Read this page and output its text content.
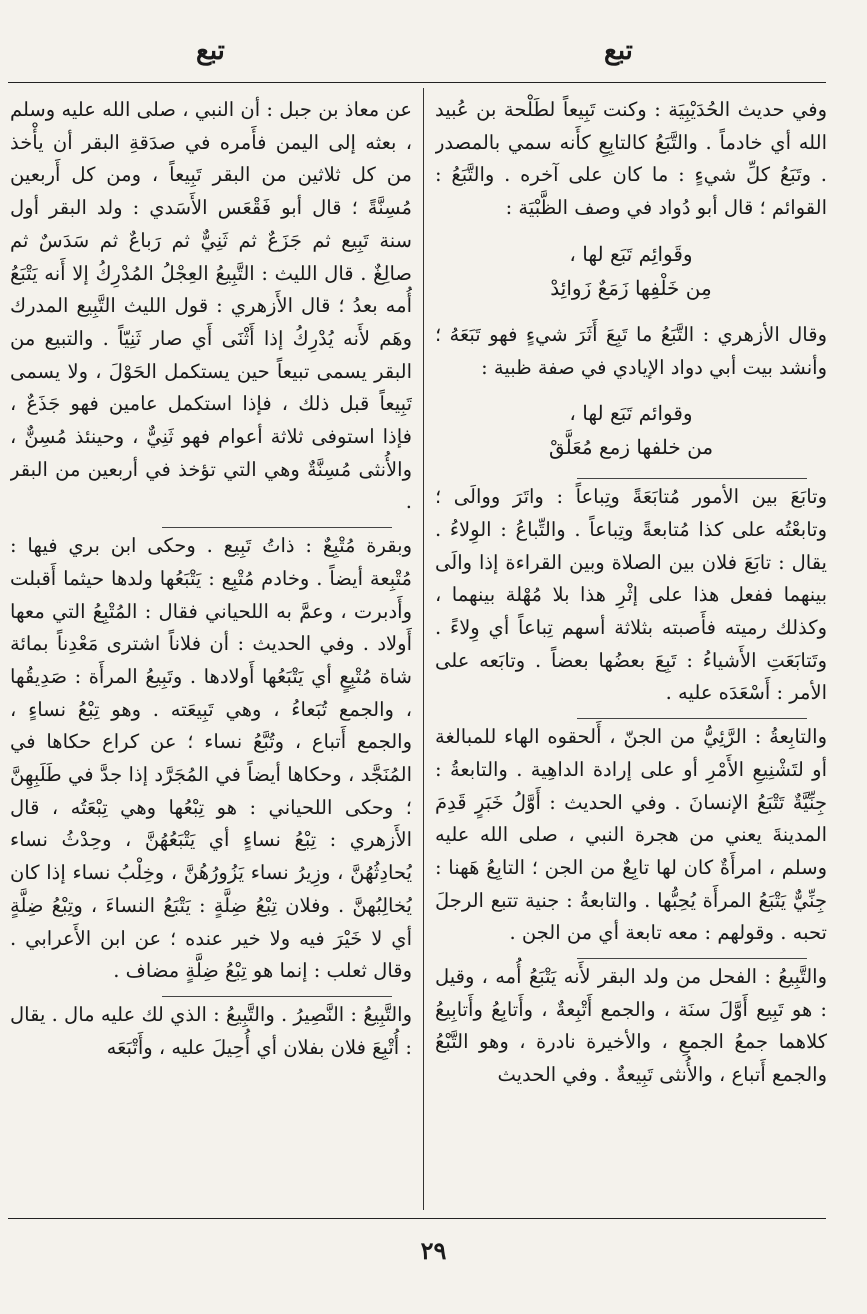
تبع
تبع

وفي حديث الحُدَيْبِيَة : وكنت تَبِيعاً لطَلْحة بن عُبيد الله أي خادماً . والتَّبَعُ كالتابِعِ كأَنه سمي بالمصدر . وتَبَعُ كلِّ شيءٍ : ما كان على آخره . والتَّبَعُ : القوائم ؛ قال أبو دُواد في وصف الظَّبْيَة :

وقَوائِم تَبَع لها ،
مِن خَلْفِها زَمَعٌ زَوائِدْ

وقال الأزهري : التَّبَعُ ما تَبِعَ أَثَرَ شيءٍ فهو تَبَعَهُ ؛ وأنشد بيت أبي دواد الإيادي في صفة ظبية :

وقوائم تَبَع لها ،
من خلفها زمع مُعَلَّقْ

وتابَعَ بين الأمور مُتابَعَةً وتِباعاً : واتَرَ ووالَى ؛ وتابعْتُه على كذا مُتابعةً وتِباعاً . والتِّباعُ : الوِلاءُ . يقال : تابَعَ فلان بين الصلاة وبين القراءة إذا والَى بينهما ففعل هذا على إثْرِ هذا بلا مُهْلة بينهما ، وكذلك رميته فأَصبته بثلاثة أسهم تِباعاً أي وِلاءً . وتَتابَعَتِ الأَشياءُ : تَبِعَ بعضُها بعضاً . وتابَعه على الأمر : أَسْعَدَه عليه .

والتابِعةُ : الرَّئِيُّ من الجنّ ، أَلحقوه الهاء للمبالغة أو لتَشْنِيعِ الأَمْرِ أو على إرادة الداهِية . والتابعةُ : جِنِّيَّةٌ تَتْبَعُ الإنسانَ . وفي الحديث : أَوَّلُ خَبَرٍ قَدِمَ المدينةَ يعني من هجرة النبي ، صلى الله عليه وسلم ، امرأَةٌ كان لها تابِعٌ من الجن ؛ التابِعُ هَهنا : جِنِّيٌّ يَتْبَعُ المرأَة يُحِبُّها . والتابعةُ : جنية تتبع الرجلَ تحبه . وقولهم : معه تابعة أي من الجن .

والتَّبِيعُ : الفحل من ولد البقر لأَنه يَتْبَعُ أُمه ، وقيل : هو تَبِيع أَوَّلَ سنَة ، والجمع أَتْبِعةٌ ، وأَتابِعُ وأَتابِيعُ كلاهما جمعُ الجمعِ ، والأخيرة نادرة ، وهو التَّبْعُ والجمع أَتباع ، والأُنثى تَبِيعةٌ . وفي الحديث

عن معاذ بن جبل : أن النبي ، صلى الله عليه وسلم ، بعثه إلى اليمن فأَمره في صدَقةِ البقر أن يأْخذ من كل ثلاثين من البقر تَبِيعاً ، ومن كل أَربعين مُسِنَّةً ؛ قال أبو فَقْعَس الأَسَدي : ولد البقر أول سنة تَبِيع ثم جَزَعٌ ثم ثَنِيٌّ ثم رَباعٌ ثم سَدَسٌ ثم صالِغٌ . قال الليث : التَّبِيعُ العِجْلُ المُدْرِكُ إلا أَنه يَتْبَعُ أُمه بعدُ ؛ قال الأَزهري : قول الليث التَّبِيع المدرك وهَم لأَنه يُدْرِكُ إذا أَثْنَى أَي صار ثَنِيّاً . والتبيع من البقر يسمى تبيعاً حين يستكمل الحَوْلَ ، ولا يسمى تَبِيعاً قبل ذلك ، فإذا استكمل عامين فهو جَذَعٌ ، فإذا استوفى ثلاثة أعوام فهو ثَنِيٌّ ، وحينئذ مُسِنٌّ ، والأُنثى مُسِنَّةٌ وهي التي تؤخذ في أربعين من البقر .

وبقرة مُتْبِعٌ : ذاتُ تَبِيع . وحكى ابن بري فيها : مُتْبِعة أيضاً . وخادم مُتْبِع : يَتْبَعُها ولدها حيثما أَقبلت وأَدبرت ، وعمَّ به اللحياني فقال : المُتْبِعُ التي معها أَولاد . وفي الحديث : أن فلاناً اشترى مَعْدِناً بمائة شاة مُتْبِعٍ أي يَتْبَعُها أَولادها . وتَبِيعُ المرأَة : صَدِيقُها ، والجمع تُبَعاءُ ، وهي تَبِيعَته . وهو تِبْعُ نساءٍ ، والجمع أَتباع ، وتُبَّعُ نساء ؛ عن كراع حكاها في المُنَجَّد ، وحكاها أيضاً في المُجَرَّد إذا جدَّ في طَلَبِهِنَّ ؛ وحكى اللحياني : هو تِبْعُها وهي تِبْعَتُه ، قال الأَزهري : تِبْعُ نساءٍ أي يَتْبَعُهُنَّ ، وحِدْثُ نساء يُحادِثُهُنَّ ، وزِيرُ نساء يَزُورُهُنَّ ، وخِلْبُ نساء إذا كان يُخالِبُهنَّ . وفلان تِبْعُ ضِلَّةٍ : يَتْبَعُ النساءَ ، وتِبْعُ ضِلَّةٍ أي لا خَيْرَ فيه ولا خير عنده ؛ عن ابن الأَعرابي . وقال ثعلب : إنما هو تِبْعُ ضِلَّةٍ مضاف .

والتَّبِيعُ : النَّصِيرُ . والتَّبِيعُ : الذي لك عليه مال . يقال : أُتْبِعَ فلان بفلان أي أُحِيلَ عليه ، وأَتْبَعَه

٢٩
